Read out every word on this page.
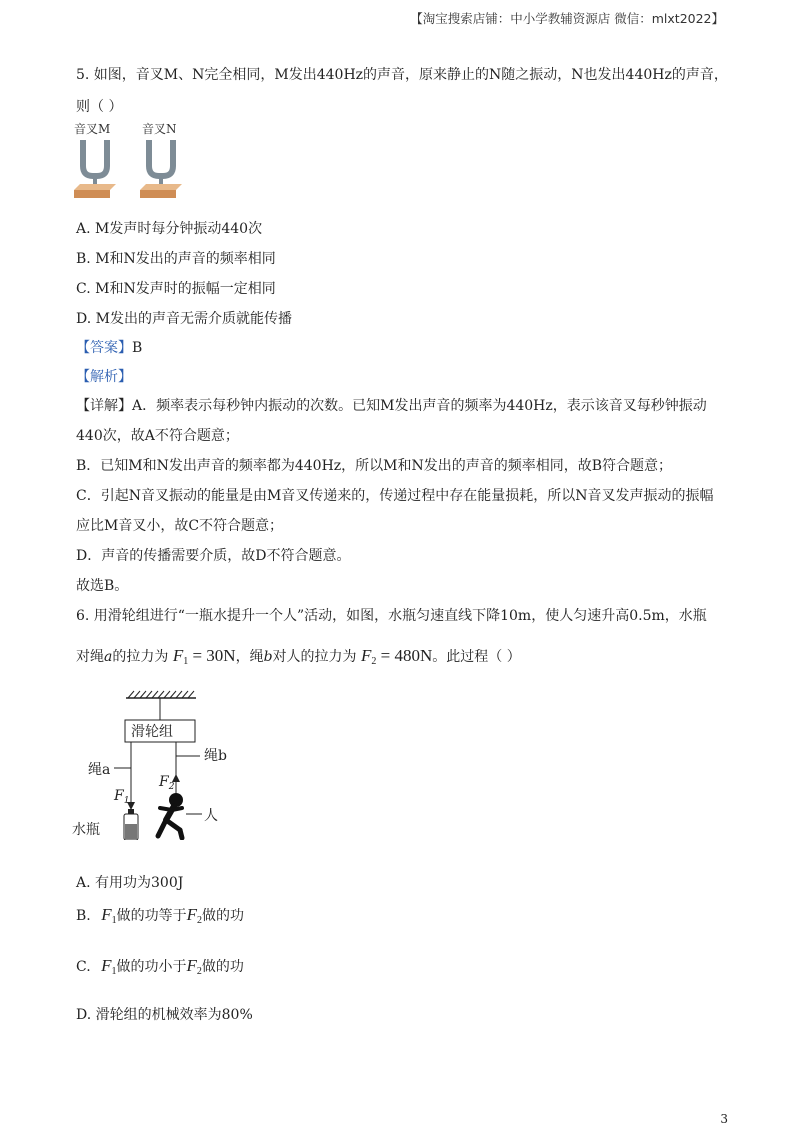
【淘宝搜索店铺：中小学教辅资源店 微信：mlxt2022】
5. 如图，音叉M、N完全相同，M发出440Hz的声音，原来静止的N随之振动，N也发出440Hz的声音，
则（ ）
音叉M	音叉N
A. M发声时每分钟振动440次
B. M和N发出的声音的频率相同
C. M和N发声时的振幅一定相同
D. M发出的声音无需介质就能传播
【答案】B
【解析】
【详解】A．频率表示每秒钟内振动的次数。已知M发出声音的频率为440Hz，表示该音叉每秒钟振动
440次，故A不符合题意；
B．已知M和N发出声音的频率都为440Hz，所以M和N发出的声音的频率相同，故B符合题意；
C．引起N音叉振动的能量是由M音叉传递来的，传递过程中存在能量损耗，所以N音叉发声振动的振幅
应比M音叉小，故C不符合题意；
D．声音的传播需要介质，故D不符合题意。
故选B。
6. 用滑轮组进行“一瓶水提升一个人”活动，如图，水瓶匀速直线下降10m，使人匀速升高0.5m，水瓶
对绳a的拉力为 $F_1 = 30N$，绳b对人的拉力为 $F_2 = 480N$。此过程（ ）
滑轮组
绳a
绳b
$F_1$
$F_2$
水瓶
人
A. 有用功为300J
B. $F_1$做的功等于$F_2$做的功
C. $F_1$做的功小于$F_2$做的功
D. 滑轮组的机械效率为80%
3
